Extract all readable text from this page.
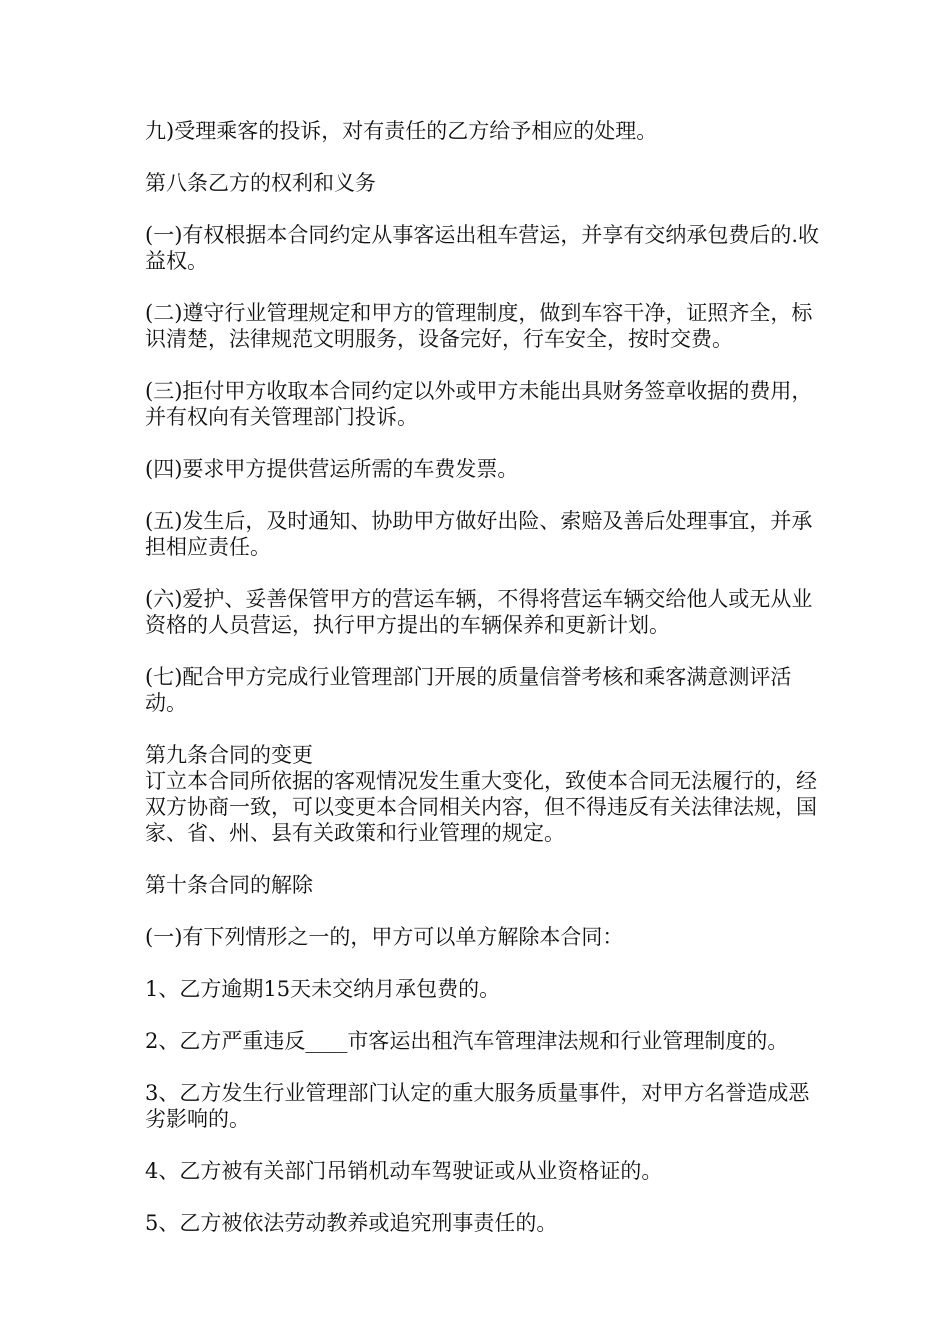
九)受理乘客的投诉，对有责任的乙方给予相应的处理。

第八条乙方的权利和义务

(一)有权根据本合同约定从事客运出租车营运，并享有交纳承包费后的.收益权。

(二)遵守行业管理规定和甲方的管理制度，做到车容干净，证照齐全，标识清楚，法律规范文明服务，设备完好，行车安全，按时交费。

(三)拒付甲方收取本合同约定以外或甲方未能出具财务签章收据的费用，并有权向有关管理部门投诉。

(四)要求甲方提供营运所需的车费发票。

(五)发生后，及时通知、协助甲方做好出险、索赔及善后处理事宜，并承担相应责任。

(六)爱护、妥善保管甲方的营运车辆，不得将营运车辆交给他人或无从业资格的人员营运，执行甲方提出的车辆保养和更新计划。

(七)配合甲方完成行业管理部门开展的质量信誉考核和乘客满意测评活动。

第九条合同的变更

订立本合同所依据的客观情况发生重大变化，致使本合同无法履行的，经双方协商一致，可以变更本合同相关内容，但不得违反有关法律法规，国家、省、州、县有关政策和行业管理的规定。

第十条合同的解除

(一)有下列情形之一的，甲方可以单方解除本合同：

1、乙方逾期15天未交纳月承包费的。

2、乙方严重违反____市客运出租汽车管理津法规和行业管理制度的。

3、乙方发生行业管理部门认定的重大服务质量事件，对甲方名誉造成恶劣影响的。

4、乙方被有关部门吊销机动车驾驶证或从业资格证的。

5、乙方被依法劳动教养或追究刑事责任的。
